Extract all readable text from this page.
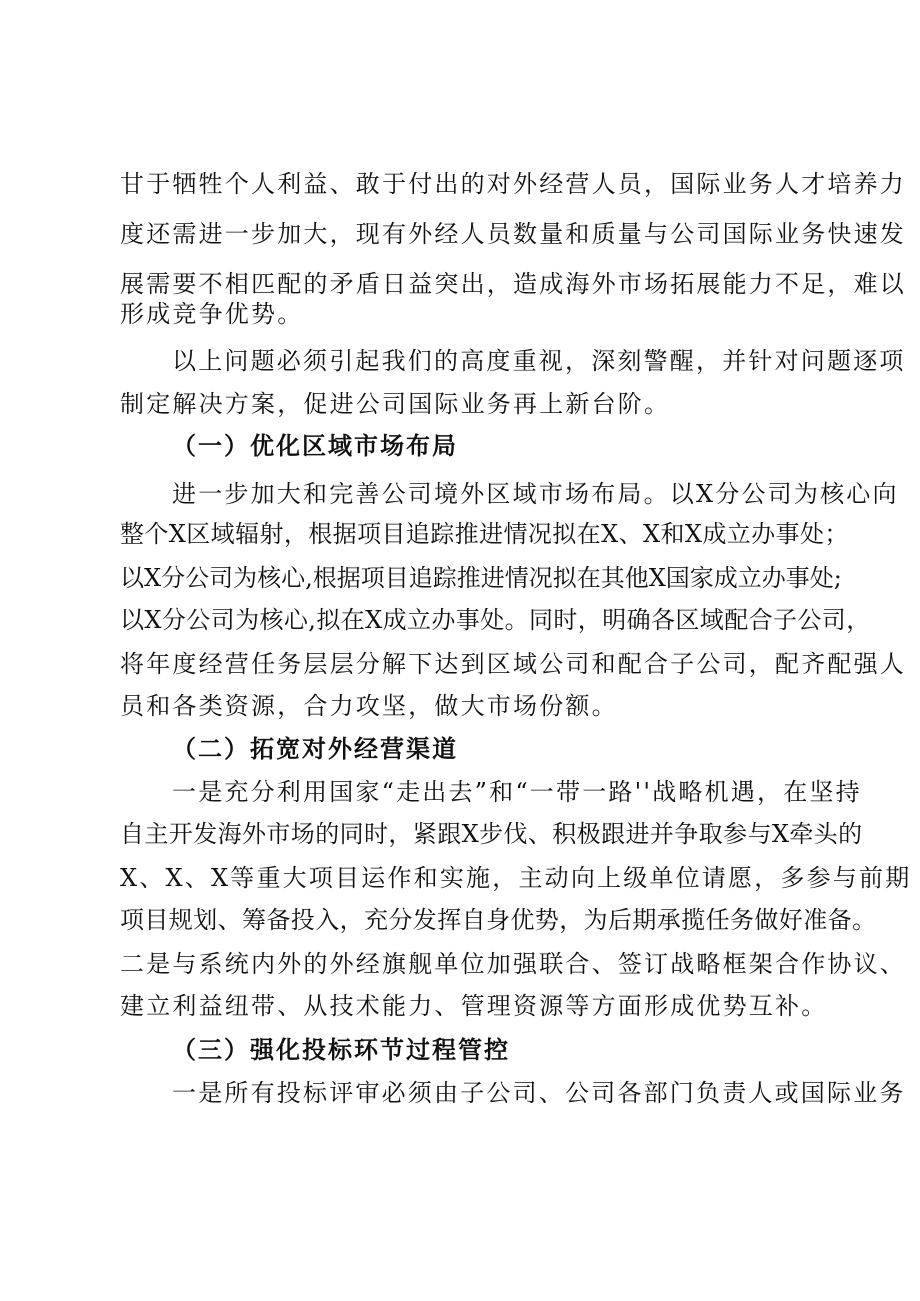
甘于牺牲个人利益、敢于付出的对外经营人员，国际业务人才培养力
度还需进一步加大，现有外经人员数量和质量与公司国际业务快速发
展需要不相匹配的矛盾日益突出，造成海外市场拓展能力不足，难以
形成竞争优势。
以上问题必须引起我们的高度重视，深刻警醒，并针对问题逐项
制定解决方案，促进公司国际业务再上新台阶。
（一）优化区域市场布局
进一步加大和完善公司境外区域市场布局。以X分公司为核心向
整个X区域辐射，根据项目追踪推进情况拟在X、X和X成立办事处；
以X分公司为核心,根据项目追踪推进情况拟在其他X国家成立办事处;
以X分公司为核心,拟在X成立办事处。同时，明确各区域配合子公司，
将年度经营任务层层分解下达到区域公司和配合子公司，配齐配强人
员和各类资源，合力攻坚，做大市场份额。
（二）拓宽对外经营渠道
一是充分利用国家“走出去”和“一带一路''战略机遇，在坚持
自主开发海外市场的同时，紧跟X步伐、积极跟进并争取参与X牵头的
X、X、X等重大项目运作和实施，主动向上级单位请愿，多参与前期
项目规划、筹备投入，充分发挥自身优势，为后期承揽任务做好准备。
二是与系统内外的外经旗舰单位加强联合、签订战略框架合作协议、
建立利益纽带、从技术能力、管理资源等方面形成优势互补。
（三）强化投标环节过程管控
一是所有投标评审必须由子公司、公司各部门负责人或国际业务
